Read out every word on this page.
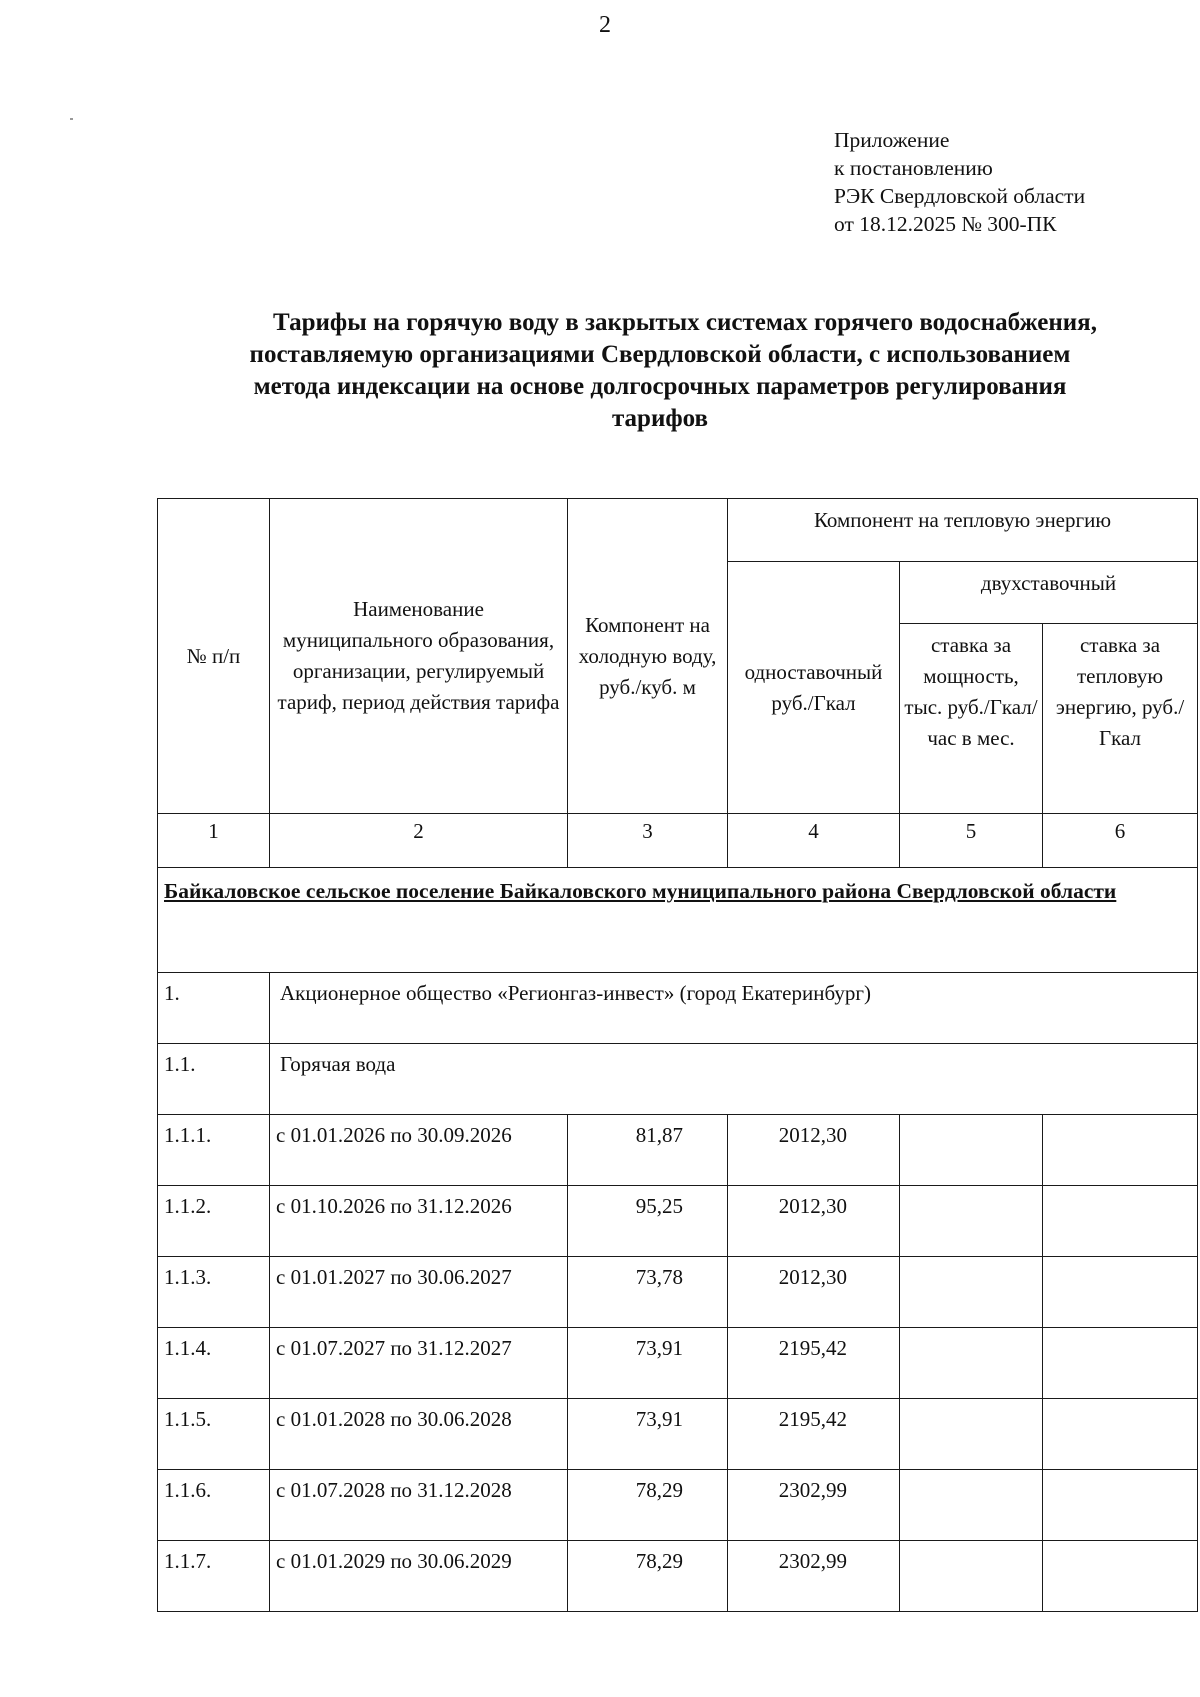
2
Приложение
к постановлению
РЭК Свердловской области
от 18.12.2025 № 300-ПК
Тарифы на горячую воду в закрытых системах горячего водоснабжения,
поставляемую организациями Свердловской области, с использованием
метода индексации на основе долгосрочных параметров регулирования
тарифов
№ п/п	Наименование муниципального образования, организации, регулируемый тариф, период действия тарифа	Компонент на холодную воду, руб./куб. м	Компонент на тепловую энергию		
			одноставочный руб./Гкал	двухставочный	
				ставка за мощность, тыс. руб./Гкал/час в мес.	ставка за тепловую энергию, руб./Гкал
1	2	3	4	5	6
Байкаловское сельское поселение Байкаловского муниципального района Свердловской области					
1.	Акционерное общество «Регионгаз-инвест» (город Екатеринбург)				
1.1.	Горячая вода				
1.1.1.	с 01.01.2026 по 30.09.2026	81,87	2012,30		
1.1.2.	с 01.10.2026 по 31.12.2026	95,25	2012,30		
1.1.3.	с 01.01.2027 по 30.06.2027	73,78	2012,30		
1.1.4.	с 01.07.2027 по 31.12.2027	73,91	2195,42		
1.1.5.	с 01.01.2028 по 30.06.2028	73,91	2195,42		
1.1.6.	с 01.07.2028 по 31.12.2028	78,29	2302,99		
1.1.7.	с 01.01.2029 по 30.06.2029	78,29	2302,99		
